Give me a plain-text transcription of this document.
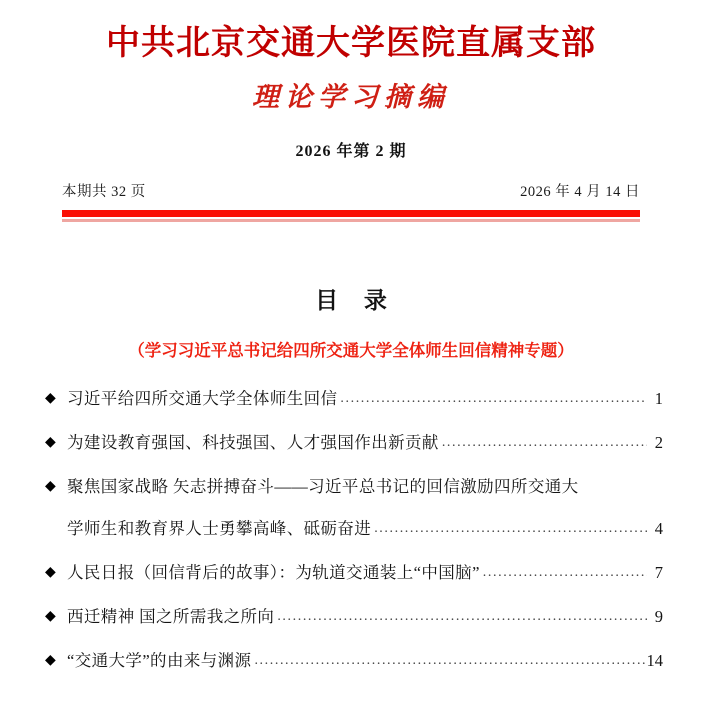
中共北京交通大学医院直属支部
理论学习摘编
2026 年第 2 期
本期共 32 页	2026 年 4 月 14 日
目 录
（学习习近平总书记给四所交通大学全体师生回信精神专题）
◆ 习近平给四所交通大学全体师生回信 .....	1
◆ 为建设教育强国、科技强国、人才强国作出新贡献 .....	2
◆ 聚焦国家战略 矢志拼搏奋斗——习近平总书记的回信激励四所交通大
学师生和教育界人士勇攀高峰、砥砺奋进 .....	4
◆ 人民日报（回信背后的故事）：为轨道交通装上“中国脑” .....	7
◆ 西迁精神 国之所需我之所向 .....	9
◆ “交通大学”的由来与渊源 .....	14
